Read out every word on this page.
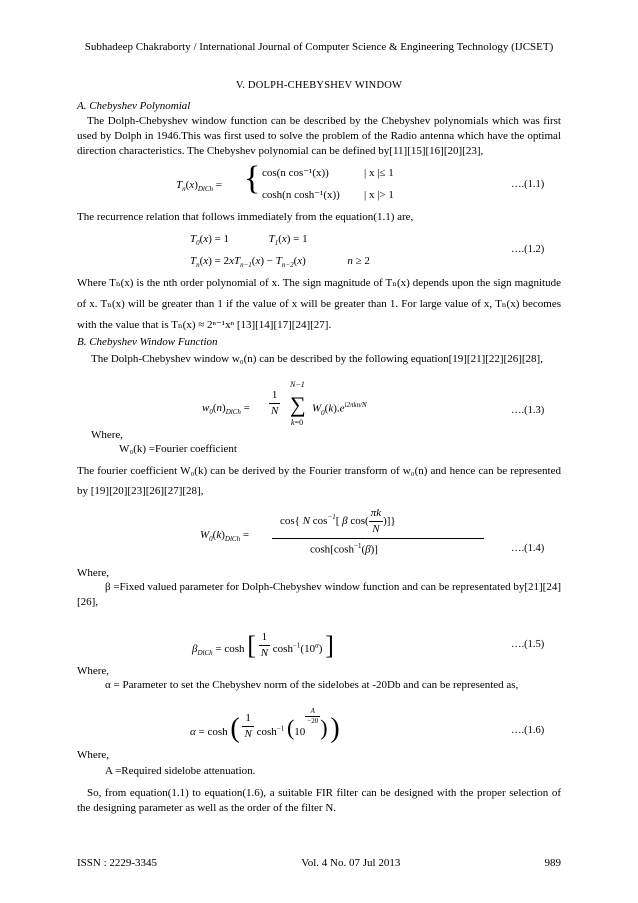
Subhadeep Chakraborty / International Journal of Computer Science & Engineering Technology (IJCSET)
V. DOLPH-CHEBYSHEV WINDOW
A. Chebyshev Polynomial
The Dolph-Chebyshev window function can be described by the Chebyshev polynomials which was first used by Dolph in 1946.This was first used to solve the problem of the Radio antenna which have the optimal direction characteristics. The Chebyshev polynomial can be defined by[11][15][16][20][23],
$T_n(x)_{DlCh}$ = { cos(n cos⁻¹(x))	| x |≤ 1
cosh(n cosh⁻¹(x)) | x |> 1
….(1.1)
The recurrence relation that follows immediately from the equation(1.1) are,
$T_0(x) = 1$	$T_1(x) = 1$
$T_n(x) = 2xT_{n-1}(x) - T_{n-2}(x)$	n ≥ 2
….(1.2)
Where Tₙ(x) is the nth order polynomial of x. The sign magnitude of Tₙ(x) depends upon the sign magnitude of x. Tₙ(x) will be greater than 1 if the value of x will be greater than 1. For large value of x, Tₙ(x) becomes with the value that is Tₙ(x) ≈ 2ⁿ⁻¹xⁿ [13][14][17][24][27].
B. Chebyshev Window Function
The Dolph-Chebyshev window w₀(n) can be described by the following equation[19][21][22][26][28],
$w_0(n)_{DlCh} = \frac{1}{N}$
N−1
∑
k=0
$W_0(k).e^{i2\pi kn/N}$	….(1.3)
Where,
W₀(k) =Fourier coefficient
The fourier coefficient W₀(k) can be derived by the Fourier transform of w₀(n) and hence can be represented by [19][20][23][26][27][28],
$W_0(k)_{DlCh}$ =
cos{ N $\cos^{-1}$[ β $\cos( \frac{\pi k}{N}$ )]}
$\cosh[\cosh^{-1}(\beta)]$	….(1.4)
Where,
β =Fixed valued parameter for Dolph-Chebyshev window function and can be representated by[21][24][26],
$\beta_{DlCh} = \cosh$ [ $\frac{1}{N} \cosh^{-1}(10^\alpha)$ ]	….(1.5)
Where,
α = Parameter to set the Chebyshev norm of the sidelobes at -20Db and can be represented as,
α = cosh ( $\frac{1}{N} \cosh^{-1} (10$
$^{\frac{A}{-20}}$ ) )	….(1.6)
Where,
A =Required sidelobe attenuation.
So, from equation(1.1) to equation(1.6), a suitable FIR filter can be designed with the proper selection of the designing parameter as well as the order of the filter N.
ISSN : 2229-3345	Vol. 4 No. 07 Jul 2013	989
